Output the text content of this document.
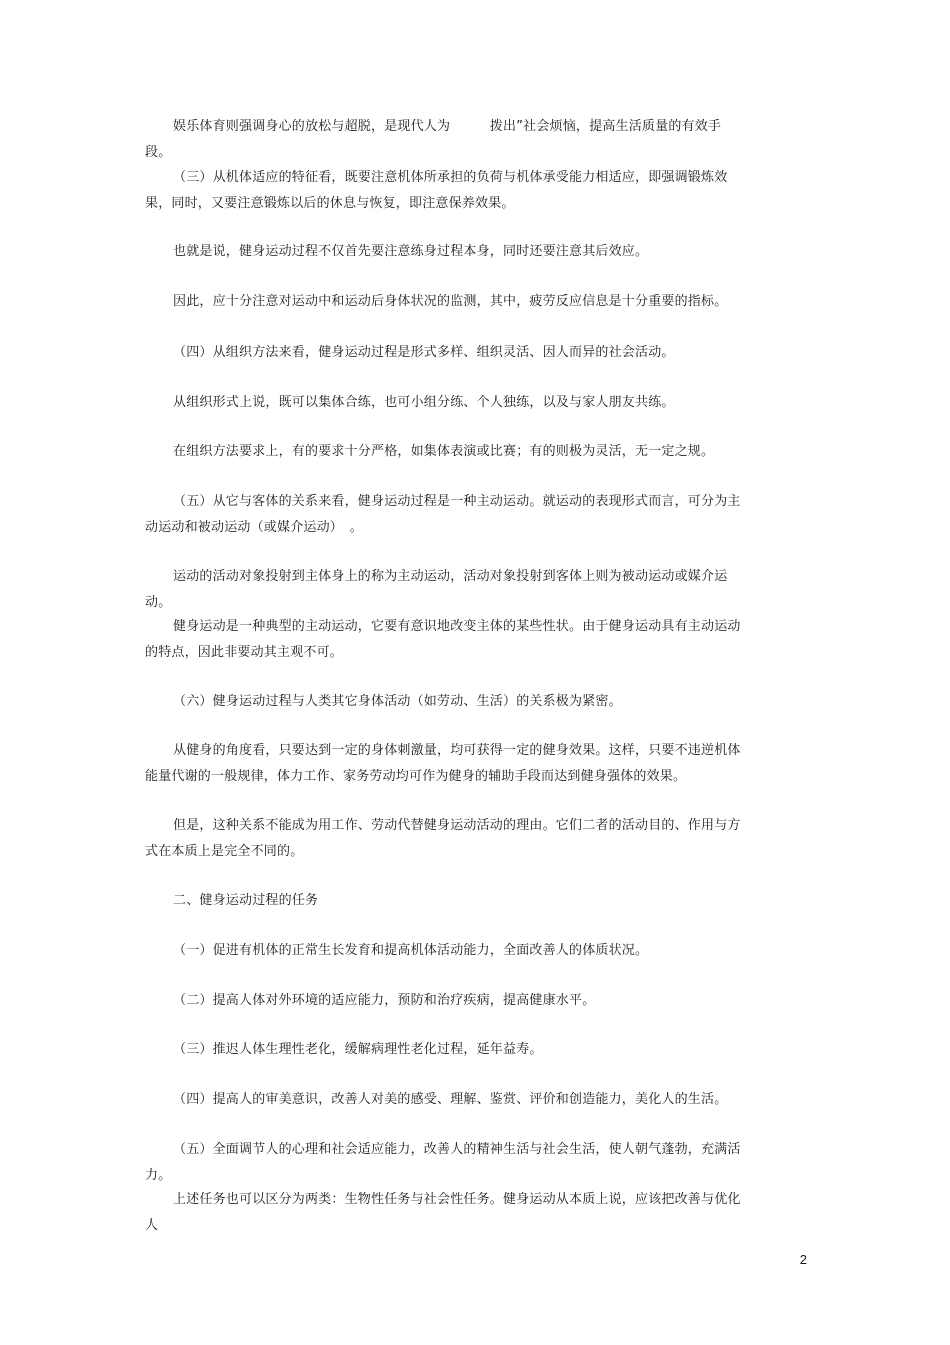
娱乐体育则强调身心的放松与超脱，是现代人为　　　拨出”社会烦恼，提高生活质量的有效手段。

（三）从机体适应的特征看，既要注意机体所承担的负荷与机体承受能力相适应，即强调锻炼效果，同时，又要注意锻炼以后的休息与恢复，即注意保养效果。

也就是说，健身运动过程不仅首先要注意练身过程本身，同时还要注意其后效应。

因此，应十分注意对运动中和运动后身体状况的监测，其中，疲劳反应信息是十分重要的指标。

（四）从组织方法来看，健身运动过程是形式多样、组织灵活、因人而异的社会活动。

从组织形式上说，既可以集体合练，也可小组分练、个人独练，以及与家人朋友共练。

在组织方法要求上，有的要求十分严格，如集体表演或比赛；有的则极为灵活，无一定之规。

（五）从它与客体的关系来看，健身运动过程是一种主动运动。就运动的表现形式而言，可分为主动运动和被动运动（或媒介运动）　。

运动的活动对象投射到主体身上的称为主动运动，活动对象投射到客体上则为被动运动或媒介运动。

健身运动是一种典型的主动运动，它要有意识地改变主体的某些性状。由于健身运动具有主动运动的特点，因此非要动其主观不可。

（六）健身运动过程与人类其它身体活动（如劳动、生活）的关系极为紧密。

从健身的角度看，只要达到一定的身体刺激量，均可获得一定的健身效果。这样，只要不违逆机体能量代谢的一般规律，体力工作、家务劳动均可作为健身的辅助手段而达到健身强体的效果。

但是，这种关系不能成为用工作、劳动代替健身运动活动的理由。它们二者的活动目的、作用与方式在本质上是完全不同的。

二、健身运动过程的任务

（一）促进有机体的正常生长发育和提高机体活动能力，全面改善人的体质状况。

（二）提高人体对外环境的适应能力，预防和治疗疾病，提高健康水平。

（三）推迟人体生理性老化，缓解病理性老化过程，延年益寿。

（四）提高人的审美意识，改善人对美的感受、理解、鉴赏、评价和创造能力，美化人的生活。

（五）全面调节人的心理和社会适应能力，改善人的精神生活与社会生活，使人朝气蓬勃，充满活力。

上述任务也可以区分为两类：生物性任务与社会性任务。健身运动从本质上说，应该把改善与优化人

2
